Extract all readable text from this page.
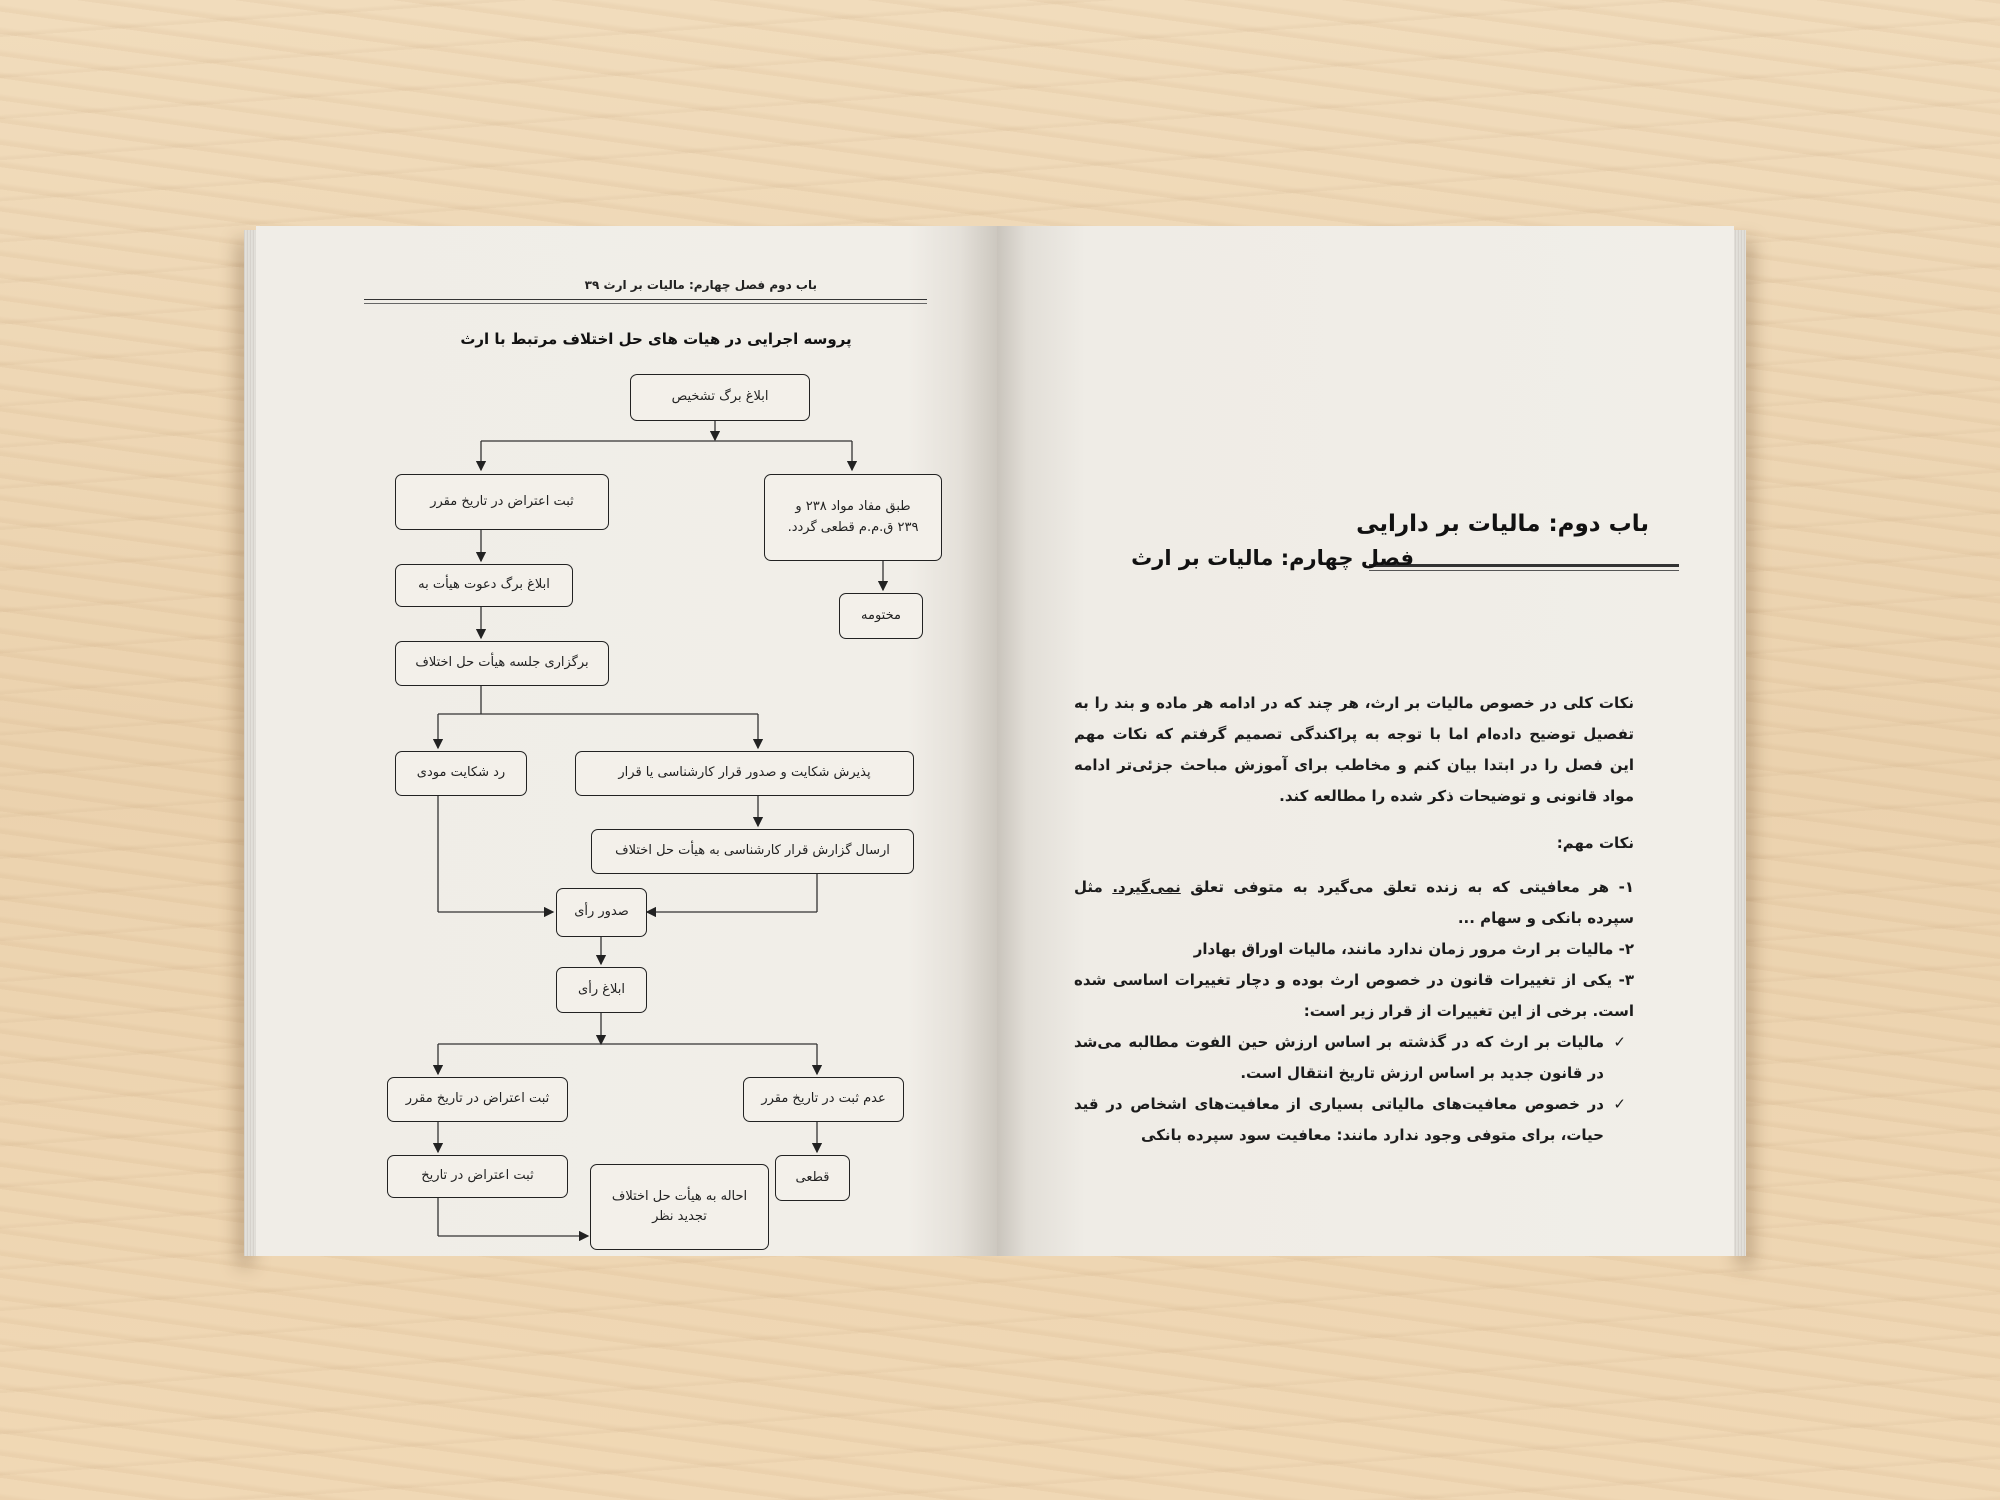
باب دوم فصل چهارم: مالیات بر ارث ۳۹
پروسه اجرایی در هیات های حل اختلاف مرتبط با ارث
ابلاغ برگ تشخیص
ثبت اعتراض در تاریخ مقرر	طبق مفاد مواد ۲۳۸ و
۲۳۹ ق.م.م قطعی گردد.
ابلاغ برگ دعوت هیأت به
مختومه
برگزاری جلسه هیأت حل اختلاف
رد شکایت مودی	پذیرش شکایت و صدور قرار کارشناسی یا قرار
ارسال گزارش قرار کارشناسی به هیأت حل اختلاف
صدور رأی
ابلاغ رأی
ثبت اعتراض در تاریخ مقرر	عدم ثبت در تاریخ مقرر
ثبت اعتراض در تاریخ
احاله به هیأت حل اختلاف
تجدید نظر
قطعی
باب دوم: مالیات بر دارایی
فصل چهارم: مالیات بر ارث

نکات کلی در خصوص مالیات بر ارث، هر چند که در ادامه هر ماده و بند را به تفصیل توضیح داده‌ام اما با توجه به پراکندگی تصمیم گرفتم که نکات مهم این فصل را در ابتدا بیان کنم و مخاطب برای آموزش مباحث جزئی‌تر ادامه مواد قانونی و توضیحات ذکر شده را مطالعه کند.

نکات مهم:

۱- هر معافیتی که به زنده تعلق می‌گیرد به متوفی تعلق نمی‌گیرد. مثل سپرده بانکی و سهام ...

۲- مالیات بر ارث مرور زمان ندارد مانند، مالیات اوراق بهادار

۳- یکی از تغییرات قانون در خصوص ارث بوده و دچار تغییرات اساسی شده است. برخی از این تغییرات از قرار زیر است:

✓
مالیات بر ارث که در گذشته بر اساس ارزش حین الفوت مطالبه می‌شد در قانون جدید بر اساس ارزش تاریخ انتقال است.

✓
در خصوص معافیت‌های مالیاتی بسیاری از معافیت‌های اشخاص در قید حیات، برای متوفی وجود ندارد مانند: معافیت سود سپرده بانکی
